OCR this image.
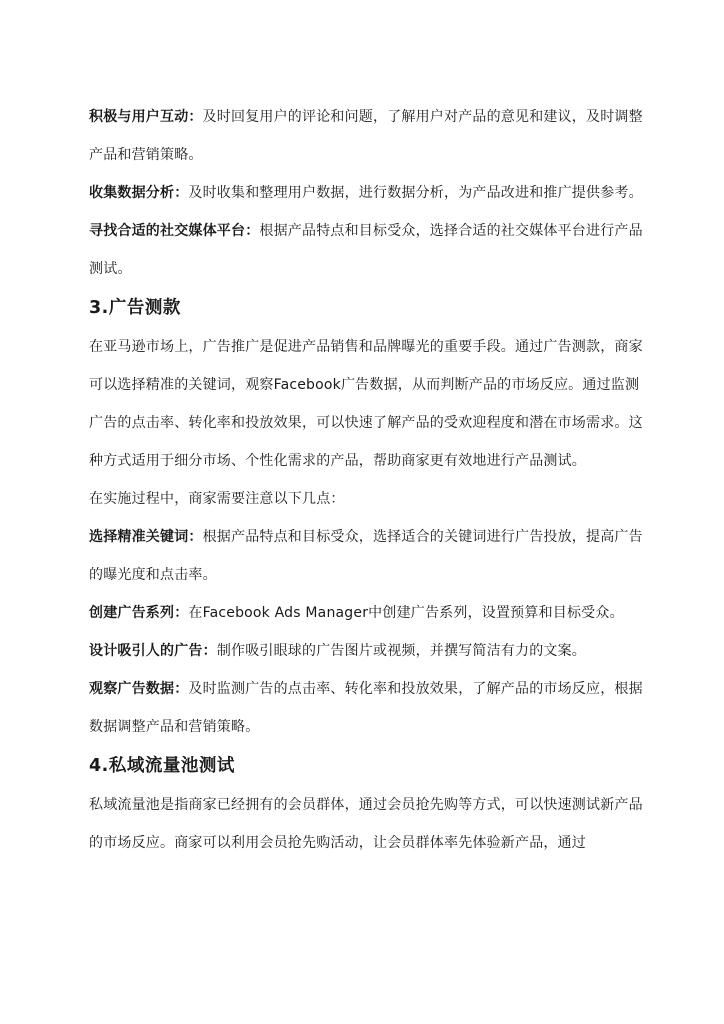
积极与用户互动：及时回复用户的评论和问题，了解用户对产品的意见和建议，及时调整产品和营销策略。

收集数据分析：及时收集和整理用户数据，进行数据分析，为产品改进和推广提供参考。

寻找合适的社交媒体平台：根据产品特点和目标受众，选择合适的社交媒体平台进行产品测试。

3.广告测款

在亚马逊市场上，广告推广是促进产品销售和品牌曝光的重要手段。通过广告测款，商家可以选择精准的关键词，观察Facebook广告数据，从而判断产品的市场反应。通过监测广告的点击率、转化率和投放效果，可以快速了解产品的受欢迎程度和潜在市场需求。这种方式适用于细分市场、个性化需求的产品，帮助商家更有效地进行产品测试。

在实施过程中，商家需要注意以下几点：

选择精准关键词：根据产品特点和目标受众，选择适合的关键词进行广告投放，提高广告的曝光度和点击率。

创建广告系列：在Facebook Ads Manager中创建广告系列，设置预算和目标受众。

设计吸引人的广告：制作吸引眼球的广告图片或视频，并撰写简洁有力的文案。

观察广告数据：及时监测广告的点击率、转化率和投放效果，了解产品的市场反应，根据数据调整产品和营销策略。

4.私域流量池测试

私域流量池是指商家已经拥有的会员群体，通过会员抢先购等方式，可以快速测试新产品的市场反应。商家可以利用会员抢先购活动，让会员群体率先体验新产品，通过
